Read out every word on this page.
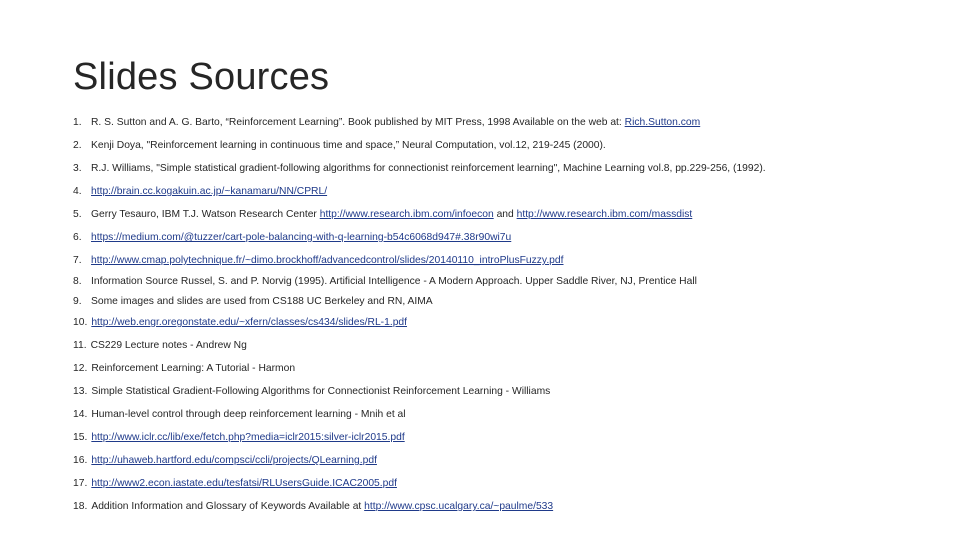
Slides Sources
1. R. S. Sutton and A. G. Barto, “Reinforcement Learning”. Book published by MIT Press, 1998 Available on the web at: Rich.Sutton.com
2. Kenji Doya, "Reinforcement learning in continuous time and space,” Neural Computation, vol.12, 219-245 (2000).
3. R.J. Williams, "Simple statistical gradient-following algorithms for connectionist reinforcement learning", Machine Learning vol.8, pp.229-256, (1992).
4. http://brain.cc.kogakuin.ac.jp/~kanamaru/NN/CPRL/
5. Gerry Tesauro, IBM T.J. Watson Research Center http://www.research.ibm.com/infoecon and http://www.research.ibm.com/massdist
6. https://medium.com/@tuzzer/cart-pole-balancing-with-q-learning-b54c6068d947#.38r90wi7u
7. http://www.cmap.polytechnique.fr/~dimo.brockhoff/advancedcontrol/slides/20140110_introPlusFuzzy.pdf
8. Information Source Russel, S. and P. Norvig (1995). Artificial Intelligence - A Modern Approach. Upper Saddle River, NJ, Prentice Hall
9. Some images and slides are used from CS188 UC Berkeley and RN, AIMA
10. http://web.engr.oregonstate.edu/~xfern/classes/cs434/slides/RL-1.pdf
11. CS229 Lecture notes - Andrew Ng
12. Reinforcement Learning: A Tutorial - Harmon
13. Simple Statistical Gradient-Following Algorithms for Connectionist Reinforcement Learning - Williams
14. Human-level control through deep reinforcement learning - Mnih et al
15. http://www.iclr.cc/lib/exe/fetch.php?media=iclr2015:silver-iclr2015.pdf
16. http://uhaweb.hartford.edu/compsci/ccli/projects/QLearning.pdf
17. http://www2.econ.iastate.edu/tesfatsi/RLUsersGuide.ICAC2005.pdf
18. Addition Information and Glossary of Keywords Available at http://www.cpsc.ucalgary.ca/~paulme/533
